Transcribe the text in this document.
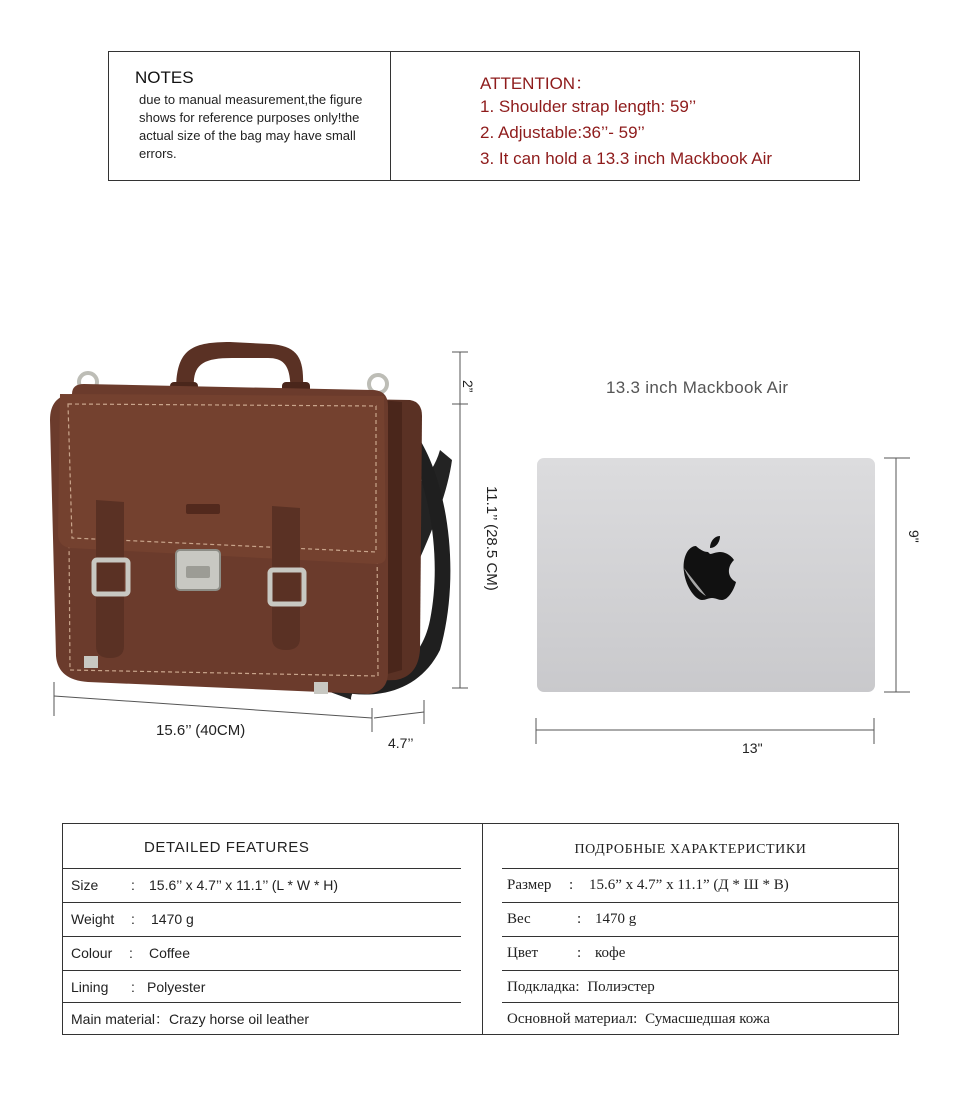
NOTES
due to manual measurement,the figure shows for reference purposes only!the actual size of the bag may have small errors.
ATTENTION：
1. Shoulder strap length: 59’’
2. Adjustable:36’’- 59’’
3. It can hold a 13.3 inch Mackbook Air
15.6’’ (40CM)
4.7’’
2”
11.1’’ (28.5 CM)
13.3 inch Mackbook Air
13"
9"
DETAILED FEATURES
Size : 15.6’’ x 4.7’’ x 11.1’’ (L * W * H)
Weight : 1470 g
Colour : Coffee
Lining : Polyester
Main material：Crazy horse oil leather
ПОДРОБНЫЕ ХАРАКТЕРИСТИКИ
Размер : 15.6” x 4.7” x 11.1” (Д * Ш * В)
Вес	: 1470 g
Цвет	: кофе
Подкладка: Полиэстер
Основной материал: Сумасшедшая кожа
